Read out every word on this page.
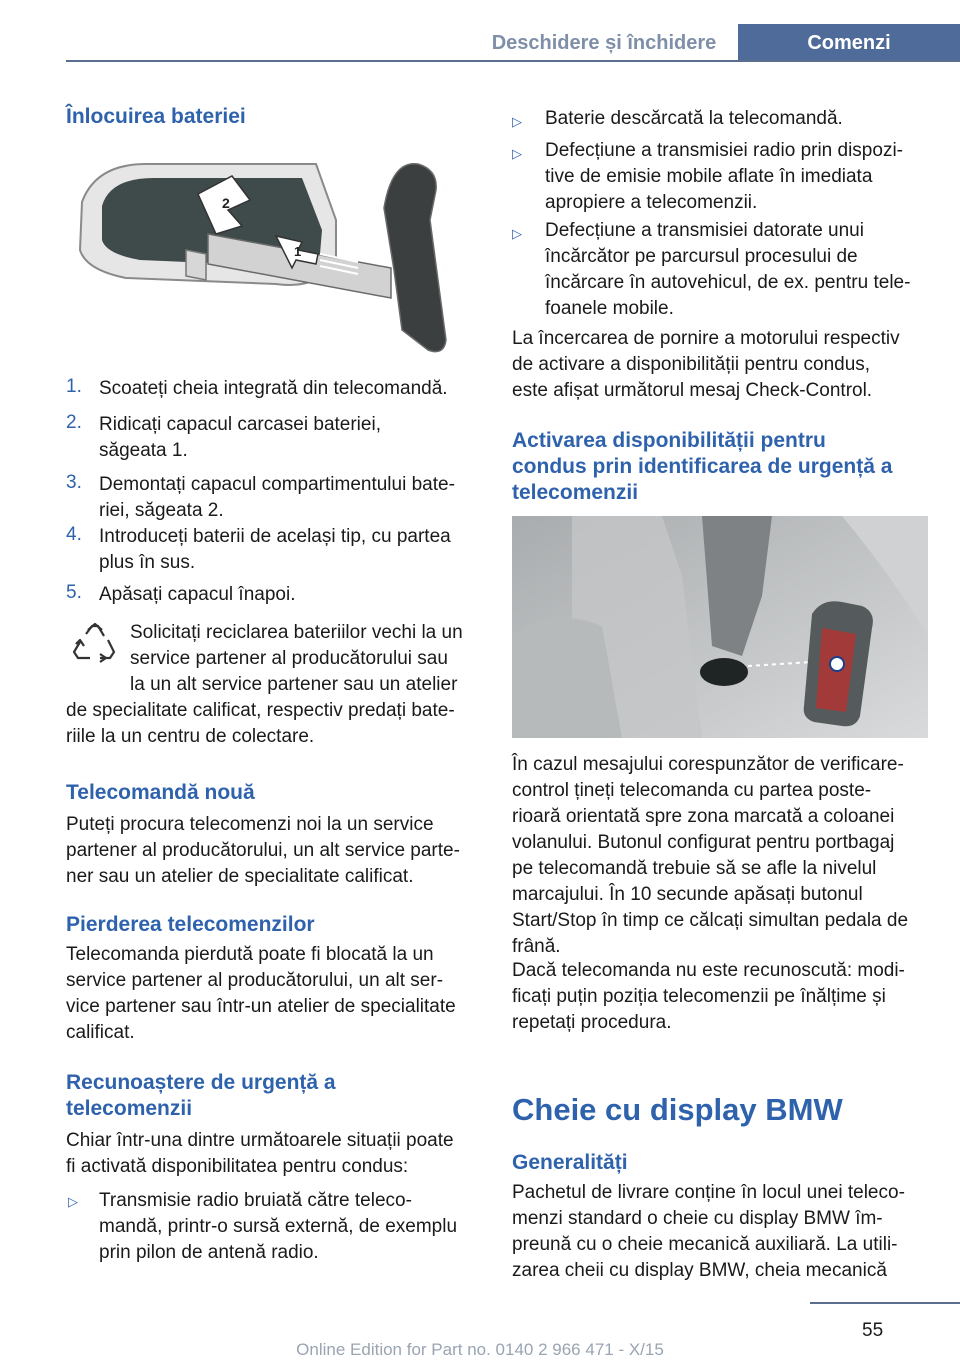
Deschidere și închidere	Comenzi
Înlocuirea bateriei
2
1
1. Scoateți cheia integrată din telecomandă.
2. Ridicați capacul carcasei bateriei,
săgeata 1.
3. Demontați capacul compartimentului bate‐
riei, săgeata 2.
4. Introduceți baterii de același tip, cu partea
plus în sus.
5. Apăsați capacul înapoi.
Solicitați reciclarea bateriilor vechi la un
service partener al producătorului sau
la un alt service partener sau un atelier
de specialitate calificat, respectiv predați bate‐
riile la un centru de colectare.
Telecomandă nouă
Puteți procura telecomenzi noi la un service
partener al producătorului, un alt service parte‐
ner sau un atelier de specialitate calificat.
Pierderea telecomenzilor
Telecomanda pierdută poate fi blocată la un
service partener al producătorului, un alt ser‐
vice partener sau într-un atelier de specialitate
calificat.
Recunoaștere de urgență a
telecomenzii
Chiar într-una dintre următoarele situații poate
fi activată disponibilitatea pentru condus:
▷ Transmisie radio bruiată către teleco‐
mandă, printr-o sursă externă, de exemplu
prin pilon de antenă radio.
▷ Baterie descărcată la telecomandă.
▷ Defecțiune a transmisiei radio prin dispozi‐
tive de emisie mobile aflate în imediata
apropiere a telecomenzii.
▷ Defecțiune a transmisiei datorate unui
încărcător pe parcursul procesului de
încărcare în autovehicul, de ex. pentru tele‐
foanele mobile.
La încercarea de pornire a motorului respectiv
de activare a disponibilității pentru condus,
este afișat următorul mesaj Check-Control.
Activarea disponibilității pentru
condus prin identificarea de urgență a
telecomenzii
În cazul mesajului corespunzător de verificare-
control țineți telecomanda cu partea poste‐
rioară orientată spre zona marcată a coloanei
volanului. Butonul configurat pentru portbagaj
pe telecomandă trebuie să se afle la nivelul
marcajului. În 10 secunde apăsați butonul
Start/Stop în timp ce călcați simultan pedala de
frână.
Dacă telecomanda nu este recunoscută: modi‐
ficați puțin poziția telecomenzii pe înălțime și
repetați procedura.
Cheie cu display BMW
Generalități
Pachetul de livrare conține în locul unei teleco‐
menzi standard o cheie cu display BMW îm‐
preună cu o cheie mecanică auxiliară. La utili‐
zarea cheii cu display BMW, cheia mecanică
55
Online Edition for Part no. 0140 2 966 471 - X/15
